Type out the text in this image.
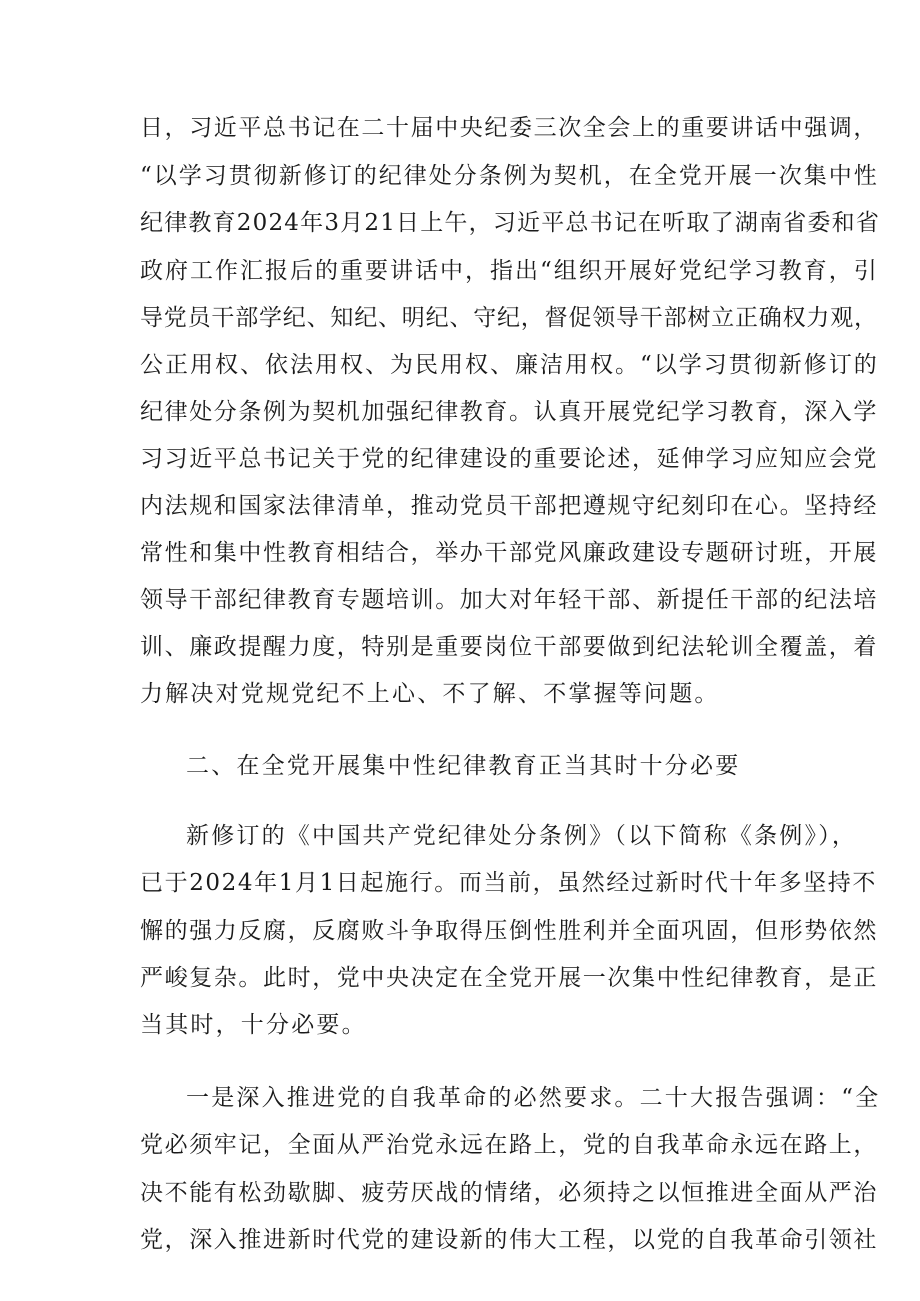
日，习近平总书记在二十届中央纪委三次全会上的重要讲话中强调，
“以学习贯彻新修订的纪律处分条例为契机，在全党开展一次集中性
纪律教育2024年3月21日上午，习近平总书记在听取了湖南省委和省
政府工作汇报后的重要讲话中，指出“组织开展好党纪学习教育，引
导党员干部学纪、知纪、明纪、守纪，督促领导干部树立正确权力观，
公正用权、依法用权、为民用权、廉洁用权。“以学习贯彻新修订的
纪律处分条例为契机加强纪律教育。认真开展党纪学习教育，深入学
习习近平总书记关于党的纪律建设的重要论述，延伸学习应知应会党
内法规和国家法律清单，推动党员干部把遵规守纪刻印在心。坚持经
常性和集中性教育相结合，举办干部党风廉政建设专题研讨班，开展
领导干部纪律教育专题培训。加大对年轻干部、新提任干部的纪法培
训、廉政提醒力度，特别是重要岗位干部要做到纪法轮训全覆盖，着
力解决对党规党纪不上心、不了解、不掌握等问题。
二、在全党开展集中性纪律教育正当其时十分必要
新修订的《中国共产党纪律处分条例》（以下简称《条例》），
已于2024年1月1日起施行。而当前，虽然经过新时代十年多坚持不
懈的强力反腐，反腐败斗争取得压倒性胜利并全面巩固，但形势依然
严峻复杂。此时，党中央决定在全党开展一次集中性纪律教育，是正
当其时，十分必要。
一是深入推进党的自我革命的必然要求。二十大报告强调：“全
党必须牢记，全面从严治党永远在路上，党的自我革命永远在路上，
决不能有松劲歇脚、疲劳厌战的情绪，必须持之以恒推进全面从严治
党，深入推进新时代党的建设新的伟大工程，以党的自我革命引领社
